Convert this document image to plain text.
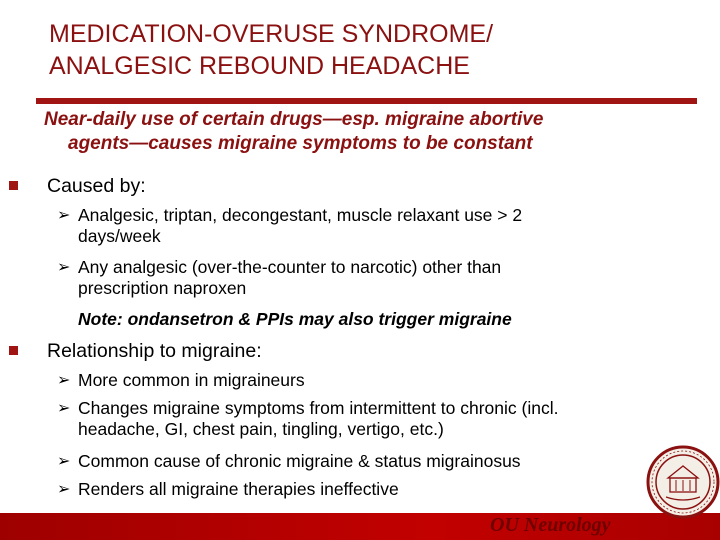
MEDICATION-OVERUSE SYNDROME/
ANALGESIC REBOUND HEADACHE
Near-daily use of certain drugs—esp. migraine abortive
agents—causes migraine symptoms to be constant
Caused by:
➢ Analgesic, triptan, decongestant, muscle relaxant use > 2
days/week
➢ Any analgesic (over-the-counter to narcotic) other than
prescription naproxen
Note: ondansetron & PPIs may also trigger migraine
Relationship to migraine:
➢ More common in migraineurs
➢ Changes migraine symptoms from intermittent to chronic (incl.
headache, GI, chest pain, tingling, vertigo, etc.)
➢ Common cause of chronic migraine & status migrainosus
➢ Renders all migraine therapies ineffective
OU Neurology
